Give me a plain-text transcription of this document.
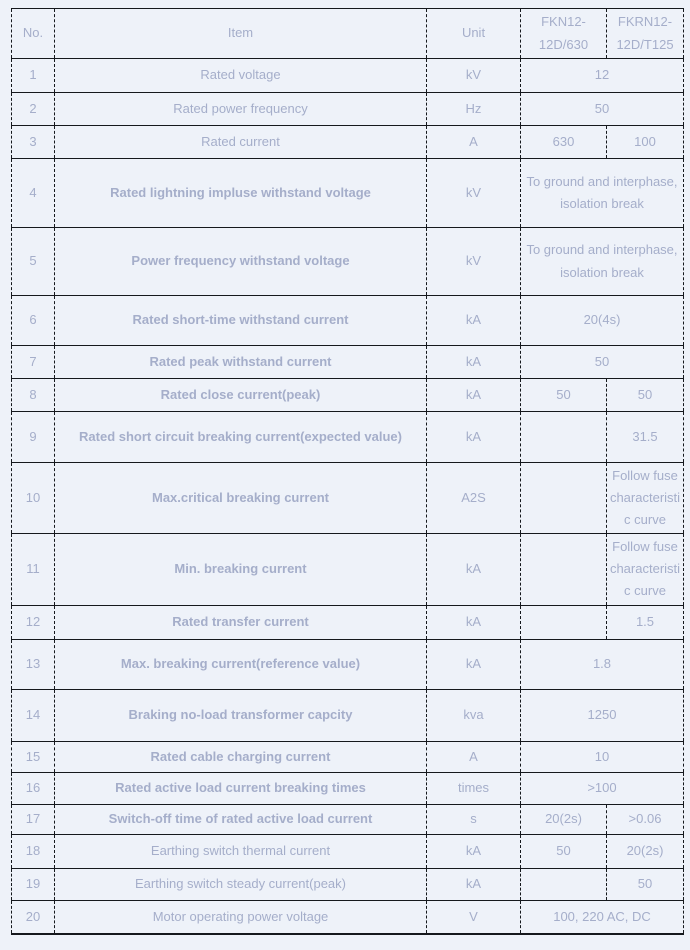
No.	Item	Unit	FKN12-12D/630	FKRN12-12D/T125
1	Rated voltage	kV	12	
2	Rated power frequency	Hz	50	
3	Rated current	A	630	100
4	Rated lightning impluse withstand voltage	kV	To ground and interphase, isolation break	
5	Power frequency withstand voltage	kV	To ground and interphase, isolation break	
6	Rated short-time withstand current	kA	20(4s)	
7	Rated peak withstand current	kA	50	
8	Rated close current(peak)	kA	50	50
9	Rated short circuit breaking current(expected value)	kA		31.5
10	Max.critical breaking current	A2S		Follow fuse characteristic curve
11	Min. breaking current	kA		Follow fuse characteristic curve
12	Rated transfer current	kA		1.5
13	Max. breaking current(reference value)	kA	1.8	
14	Braking no-load transformer capcity	kva	1250	
15	Rated cable charging current	A	10	
16	Rated active load current breaking times	times	>100	
17	Switch-off time of rated active load current	s	20(2s)	>0.06
18	Earthing switch thermal current	kA	50	20(2s)
19	Earthing switch steady current(peak)	kA		50
20	Motor operating power voltage	V	100, 220 AC, DC	
